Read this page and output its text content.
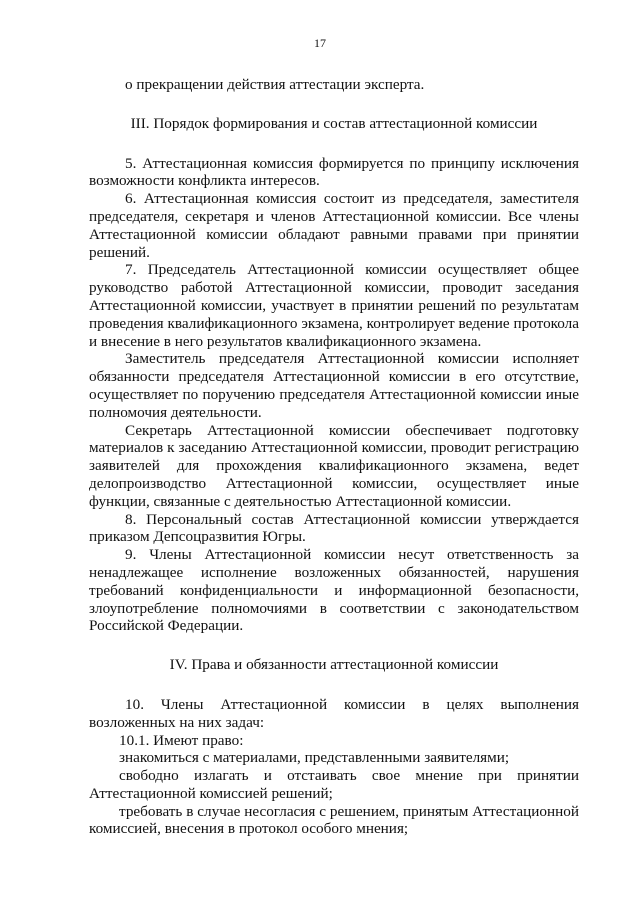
17

о прекращении действия аттестации эксперта.

III. Порядок формирования и состав аттестационной комиссии

5. Аттестационная комиссия формируется по принципу исключения возможности конфликта интересов.

6. Аттестационная комиссия состоит из председателя, заместителя председателя, секретаря и членов Аттестационной комиссии. Все члены Аттестационной комиссии обладают равными правами при принятии решений.

7. Председатель Аттестационной комиссии осуществляет общее руководство работой Аттестационной комиссии, проводит заседания Аттестационной комиссии, участвует в принятии решений по результатам проведения квалификационного экзамена, контролирует ведение протокола и внесение в него результатов квалификационного экзамена.

Заместитель председателя Аттестационной комиссии исполняет обязанности председателя Аттестационной комиссии в его отсутствие, осуществляет по поручению председателя Аттестационной комиссии иные полномочия деятельности.

Секретарь Аттестационной комиссии обеспечивает подготовку материалов к заседанию Аттестационной комиссии, проводит регистрацию заявителей для прохождения квалификационного экзамена, ведет делопроизводство Аттестационной комиссии, осуществляет иные функции, связанные с деятельностью Аттестационной комиссии.

8. Персональный состав Аттестационной комиссии утверждается приказом Депсоцразвития Югры.

9. Члены Аттестационной комиссии несут ответственность за ненадлежащее исполнение возложенных обязанностей, нарушения требований конфиденциальности и информационной безопасности, злоупотребление полномочиями в соответствии с законодательством Российской Федерации.

IV. Права и обязанности аттестационной комиссии

10. Члены Аттестационной комиссии в целях выполнения возложенных на них задач:

10.1. Имеют право:

знакомиться с материалами, представленными заявителями;

свободно излагать и отстаивать свое мнение при принятии Аттестационной комиссией решений;

требовать в случае несогласия с решением, принятым Аттестационной комиссией, внесения в протокол особого мнения;
